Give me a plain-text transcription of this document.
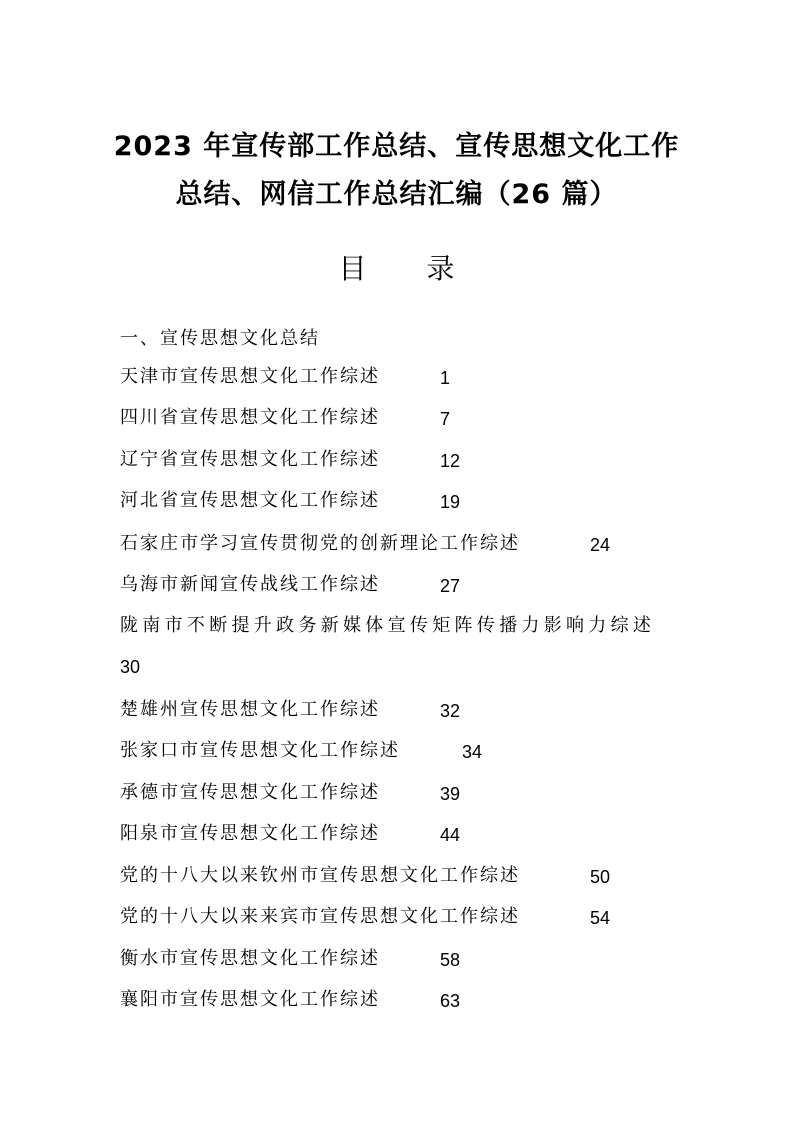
2023 年宣传部工作总结、宣传思想文化工作
总结、网信工作总结汇编（26 篇）
目录
一、宣传思想文化总结
天津市宣传思想文化工作综述	1
四川省宣传思想文化工作综述	7
辽宁省宣传思想文化工作综述	12
河北省宣传思想文化工作综述	19
石家庄市学习宣传贯彻党的创新理论工作综述	24
乌海市新闻宣传战线工作综述	27
陇南市不断提升政务新媒体宣传矩阵传播力影响力综述
30
楚雄州宣传思想文化工作综述	32
张家口市宣传思想文化工作综述	34
承德市宣传思想文化工作综述	39
阳泉市宣传思想文化工作综述	44
党的十八大以来钦州市宣传思想文化工作综述	50
党的十八大以来来宾市宣传思想文化工作综述	54
衡水市宣传思想文化工作综述	58
襄阳市宣传思想文化工作综述	63
